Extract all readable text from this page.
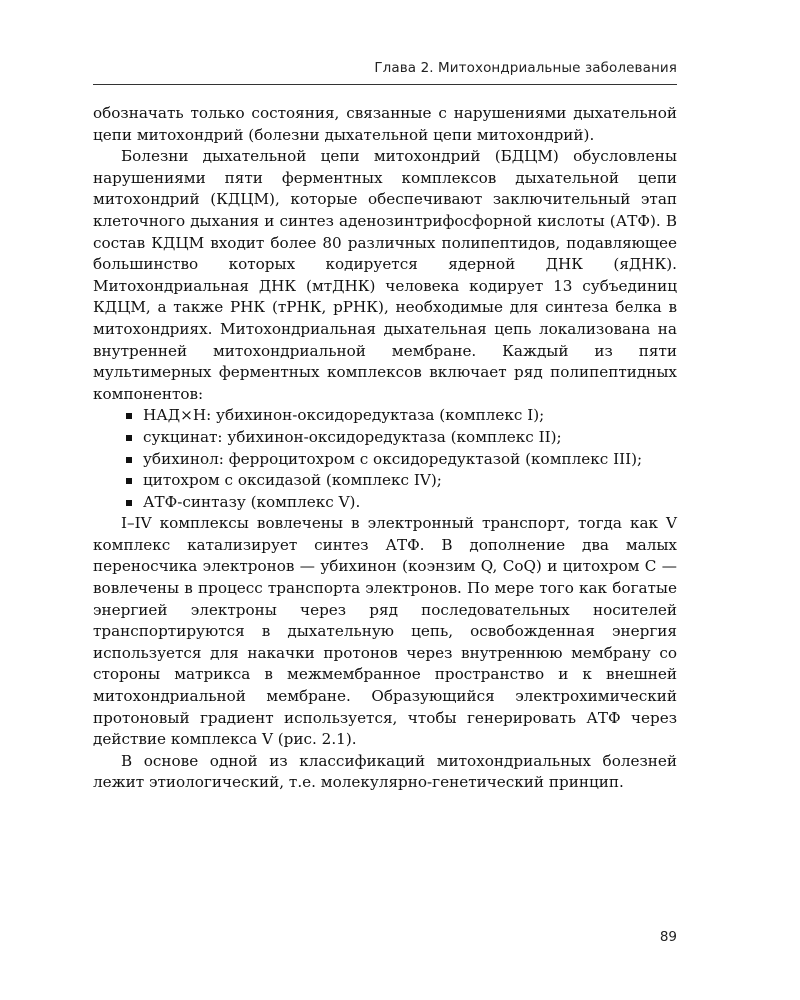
Глава 2. Митохондриальные заболевания

обозначать только состояния, связанные с нарушениями дыхательной цепи митохондрий (болезни дыхательной цепи митохондрий).

Болезни дыхательной цепи митохондрий (БДЦМ) обусловлены нарушениями пяти ферментных комплексов дыхательной цепи митохондрий (КДЦМ), которые обеспечивают заключительный этап клеточного дыхания и синтез аденозинтрифосфорной кислоты (АТФ). В состав КДЦМ входит более 80 различных полипептидов, подавляющее большинство которых кодируется ядерной ДНК (яДНК). Митохондриальная ДНК (мтДНК) человека кодирует 13 субъединиц КДЦМ, а также РНК (тРНК, рРНК), необходимые для синтеза белка в митохондриях. Митохондриальная дыхательная цепь локализована на внутренней митохондриальной мембране. Каждый из пяти мультимерных ферментных комплексов включает ряд полипептидных компонентов:

НАД×Н: убихинон-оксидоредуктаза (комплекс I);
сукцинат: убихинон-оксидоредуктаза (комплекс II);
убихинол: ферроцитохром с оксидоредуктазой (комплекс III);
цитохром с оксидазой (комплекс IV);
АТФ-синтазу (комплекс V).

I–IV комплексы вовлечены в электронный транспорт, тогда как V комплекс катализирует синтез АТФ. В дополнение два малых переносчика электронов — убихинон (коэнзим Q, CoQ) и цитохром C — вовлечены в процесс транспорта электронов. По мере того как богатые энергией электроны через ряд последовательных носителей транспортируются в дыхательную цепь, освобожденная энергия используется для накачки протонов через внутреннюю мембрану со стороны матрикса в межмембранное пространство и к внешней митохондриальной мембране. Образующийся электрохимический протоновый градиент используется, чтобы генерировать АТФ через действие комплекса V (рис. 2.1).

В основе одной из классификаций митохондриальных болезней лежит этиологический, т.е. молекулярно-генетический принцип.

89
